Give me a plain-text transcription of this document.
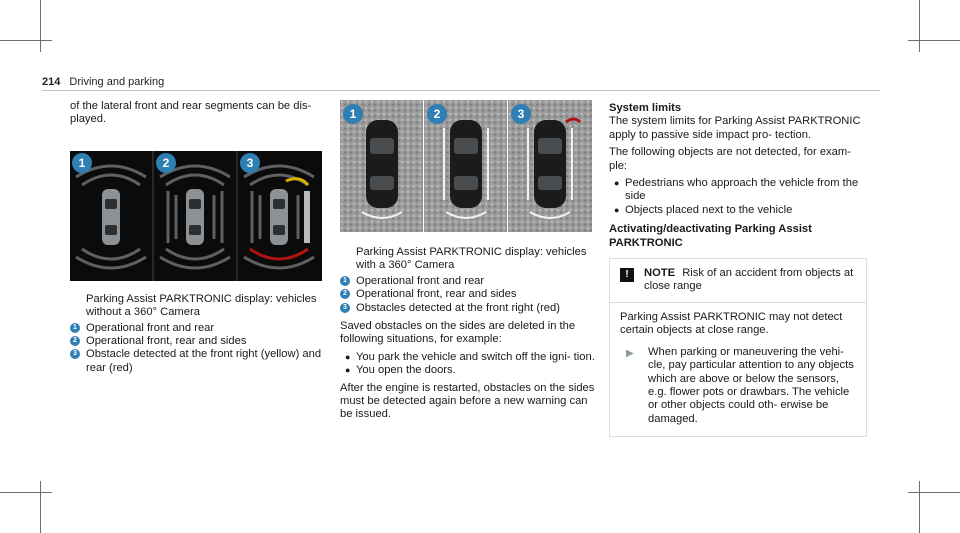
214 Driving and parking

of the lateral front and rear segments can be dis- played.

1	2	3

Parking Assist PARKTRONIC display: vehicles without a 360° Camera

1 Operational front and rear
2 Operational front, rear and sides
3 Obstacle detected at the front right (yellow) and rear (red)
1	2	3

Parking Assist PARKTRONIC display: vehicles with a 360° Camera

1 Operational front and rear
2 Operational front, rear and sides
3 Obstacles detected at the front right (red)

Saved obstacles on the sides are deleted in the following situations, for example:

● You park the vehicle and switch off the igni- tion.
● You open the doors.

After the engine is restarted, obstacles on the sides must be detected again before a new warning can be issued.

System limits

The system limits for Parking Assist PARKTRONIC apply to passive side impact pro- tection.

The following objects are not detected, for exam- ple:

● Pedestrians who approach the vehicle from the side
● Objects placed next to the vehicle

Activating/deactivating Parking Assist PARKTRONIC

!	NOTE Risk of an accident from objects at close range

Parking Assist PARKTRONIC may not detect certain objects at close range.

▶	When parking or maneuvering the vehi- cle, pay particular attention to any objects which are above or below the sensors, e.g. flower pots or drawbars. The vehicle or other objects could oth- erwise be damaged.
